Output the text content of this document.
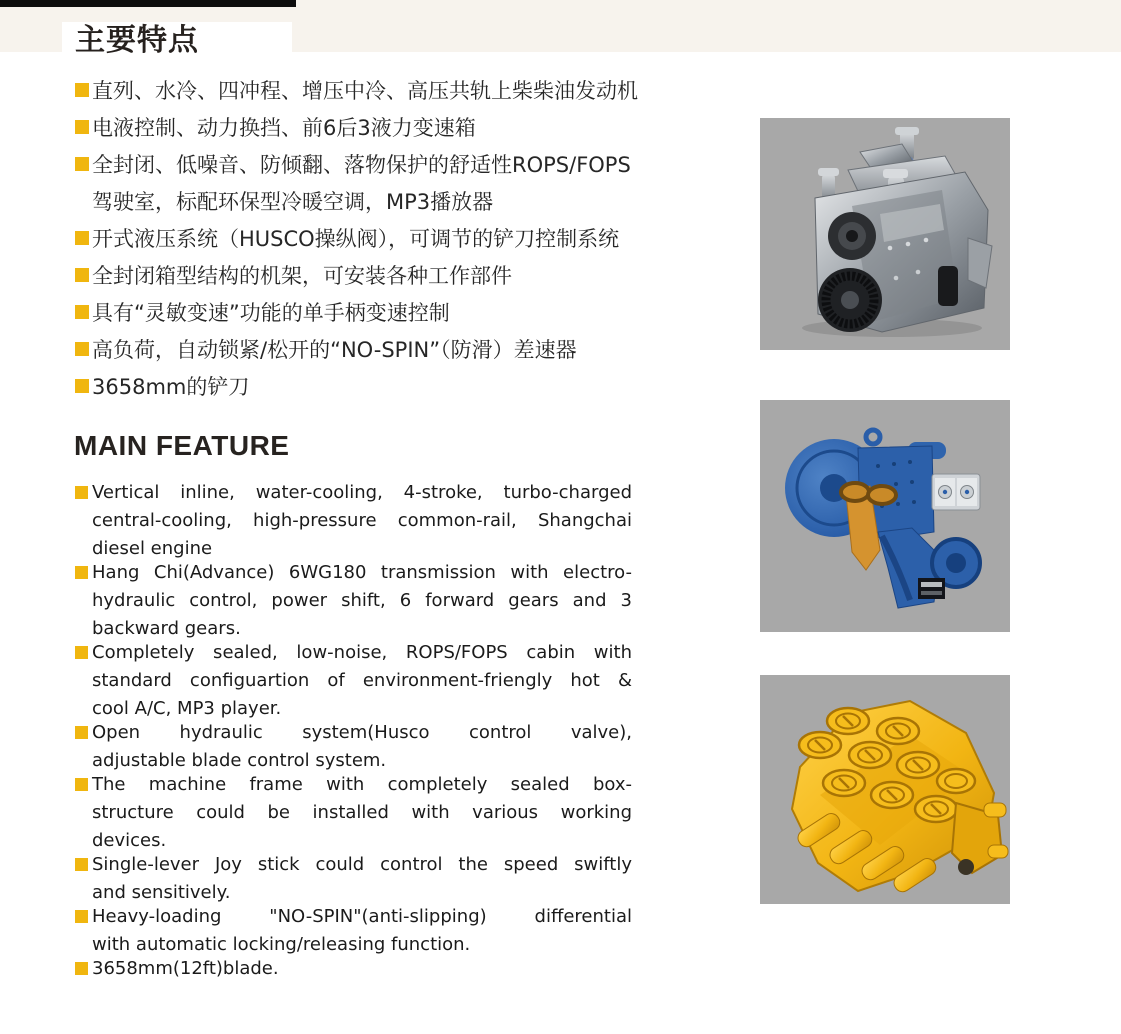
主要特点
直列、水冷、四冲程、增压中冷、高压共轨上柴柴油发动机
电液控制、动力换挡、前6后3液力变速箱
全封闭、低噪音、防倾翻、落物保护的舒适性ROPS/FOPS
驾驶室，标配环保型冷暖空调，MP3播放器
开式液压系统（HUSCO操纵阀），可调节的铲刀控制系统
全封闭箱型结构的机架，可安装各种工作部件
具有“灵敏变速”功能的单手柄变速控制
高负荷，自动锁紧/松开的“NO-SPIN”（防滑）差速器
3658mm的铲刀
MAIN FEATURE
Vertical inline, water-cooling, 4-stroke, turbo-charged
central-cooling, high-pressure common-rail, Shangchai
diesel engine
Hang Chi(Advance) 6WG180 transmission with electro-
hydraulic control, power shift, 6 forward gears and 3
backward gears.
Completely sealed, low-noise, ROPS/FOPS cabin with
standard configuartion of environment-friengly hot &
cool A/C, MP3 player.
Open hydraulic system(Husco control valve),
adjustable blade control system.
The machine frame with completely sealed box-
structure could be installed with various working
devices.
Single-lever Joy stick could control the speed swiftly
and sensitively.
Heavy-loading "NO-SPIN"(anti-slipping) differential
with automatic locking/releasing function.
3658mm(12ft)blade.
